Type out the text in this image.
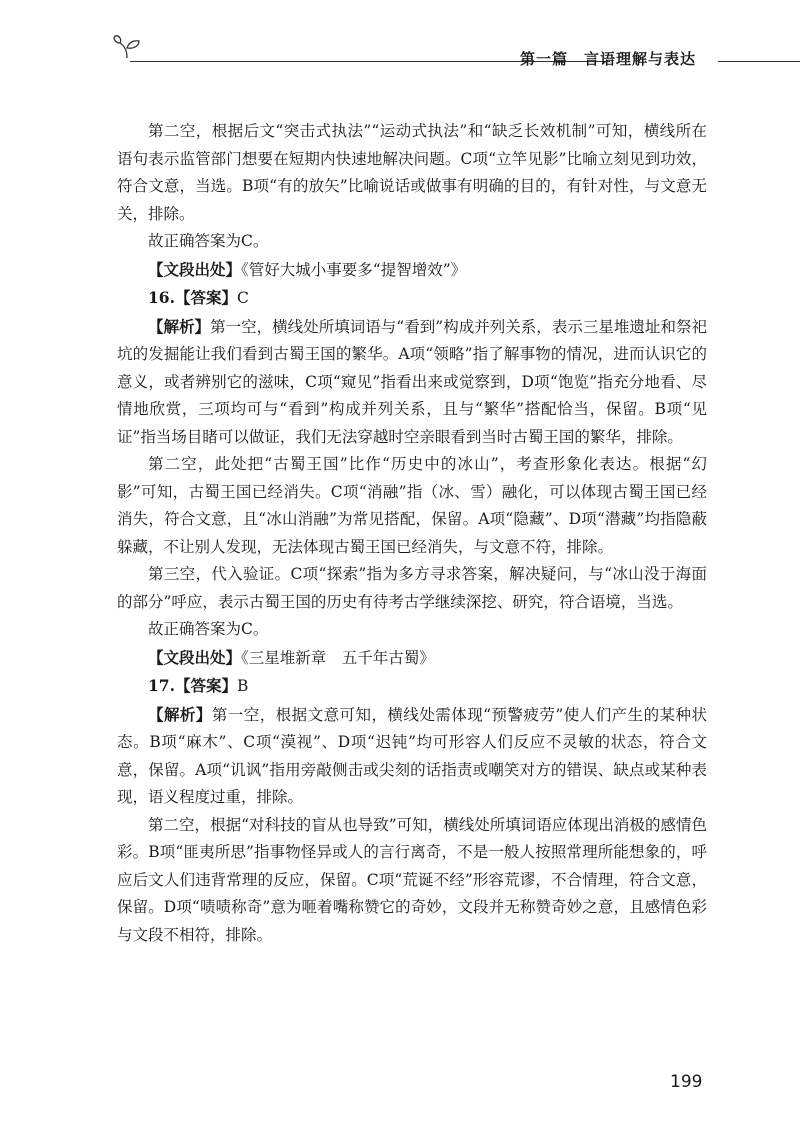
第一篇　言语理解与表达

第二空，根据后文“突击式执法”“运动式执法”和“缺乏长效机制”可知，横线所在语句表示监管部门想要在短期内快速地解决问题。C项“立竿见影”比喻立刻见到功效，符合文意，当选。B项“有的放矢”比喻说话或做事有明确的目的，有针对性，与文意无关，排除。

故正确答案为C。

【文段出处】《管好大城小事要多“提智增效”》

16.【答案】C

【解析】第一空，横线处所填词语与“看到”构成并列关系，表示三星堆遗址和祭祀坑的发掘能让我们看到古蜀王国的繁华。A项“领略”指了解事物的情况，进而认识它的意义，或者辨别它的滋味，C项“窥见”指看出来或觉察到，D项“饱览”指充分地看、尽情地欣赏，三项均可与“看到”构成并列关系，且与“繁华”搭配恰当，保留。B项“见证”指当场目睹可以做证，我们无法穿越时空亲眼看到当时古蜀王国的繁华，排除。

第二空，此处把“古蜀王国”比作“历史中的冰山”，考查形象化表达。根据“幻影”可知，古蜀王国已经消失。C项“消融”指（冰、雪）融化，可以体现古蜀王国已经消失，符合文意，且“冰山消融”为常见搭配，保留。A项“隐藏”、D项“潜藏”均指隐蔽躲藏，不让别人发现，无法体现古蜀王国已经消失，与文意不符，排除。

第三空，代入验证。C项“探索”指为多方寻求答案，解决疑问，与“冰山没于海面的部分”呼应，表示古蜀王国的历史有待考古学继续深挖、研究，符合语境，当选。

故正确答案为C。

【文段出处】《三星堆新章　五千年古蜀》

17.【答案】B

【解析】第一空，根据文意可知，横线处需体现“预警疲劳”使人们产生的某种状态。B项“麻木”、C项“漠视”、D项“迟钝”均可形容人们反应不灵敏的状态，符合文意，保留。A项“讥讽”指用旁敲侧击或尖刻的话指责或嘲笑对方的错误、缺点或某种表现，语义程度过重，排除。

第二空，根据“对科技的盲从也导致”可知，横线处所填词语应体现出消极的感情色彩。B项“匪夷所思”指事物怪异或人的言行离奇，不是一般人按照常理所能想象的，呼应后文人们违背常理的反应，保留。C项“荒诞不经”形容荒谬，不合情理，符合文意，保留。D项“啧啧称奇”意为咂着嘴称赞它的奇妙，文段并无称赞奇妙之意，且感情色彩与文段不相符，排除。

199
